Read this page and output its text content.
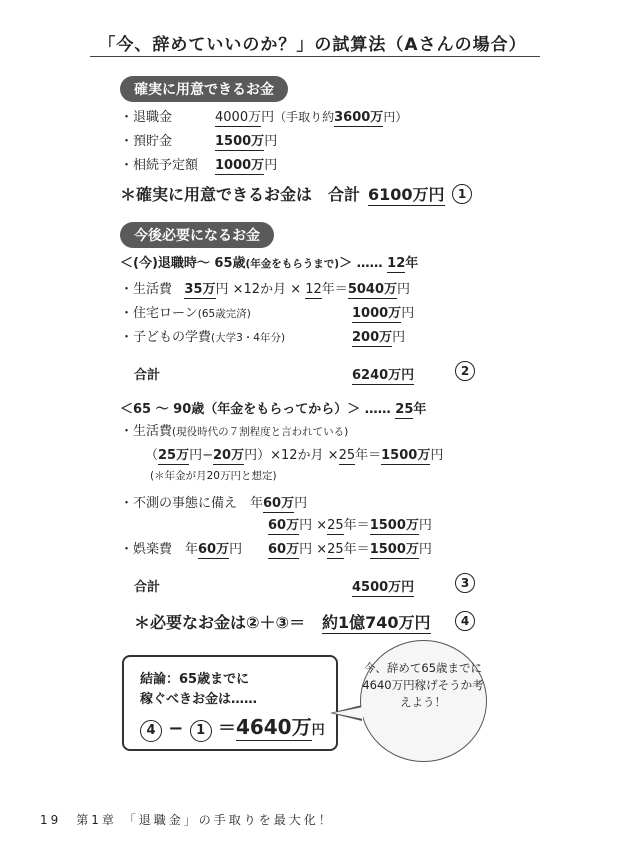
「今、辞めていいのか？」の試算法（Aさんの場合）
確実に用意できるお金
・退職金	4000万円（手取り約3600万円）
・預貯金	1500万円
・相続予定額 1000万円
＊確実に用意できるお金は　合計 6100万円	1
今後必要になるお金
＜(今)退職時〜 65歳(年金をもらうまで)＞ …… 12年
・生活費 35万円 ×12か月 × 12年＝5040万円
・住宅ローン(65歳完済)	1000万円
・子どもの学費(大学3・4年分)	200万円
合計	6240万円	2
＜65 〜 90歳（年金をもらってから）＞ …… 25年
・生活費(現役時代の７割程度と言われている)
（25万円−20万円）×12か月 ×25年＝1500万円
(＊年金が月20万円と想定)
・不測の事態に備え　年60万円
60万円 ×25年＝1500万円
・娯楽費　年60万円 60万円 ×25年＝1500万円
合計	4500万円	3
＊必要なお金は②＋③＝ 約1億740万円	4
結論：65歳までに
稼ぐべきお金は……
4 − 1 ＝4640万円
今、辞めて65歳までに4640万円稼げそうか考えよう！
19　第1章 「退職金」の手取りを最大化！
